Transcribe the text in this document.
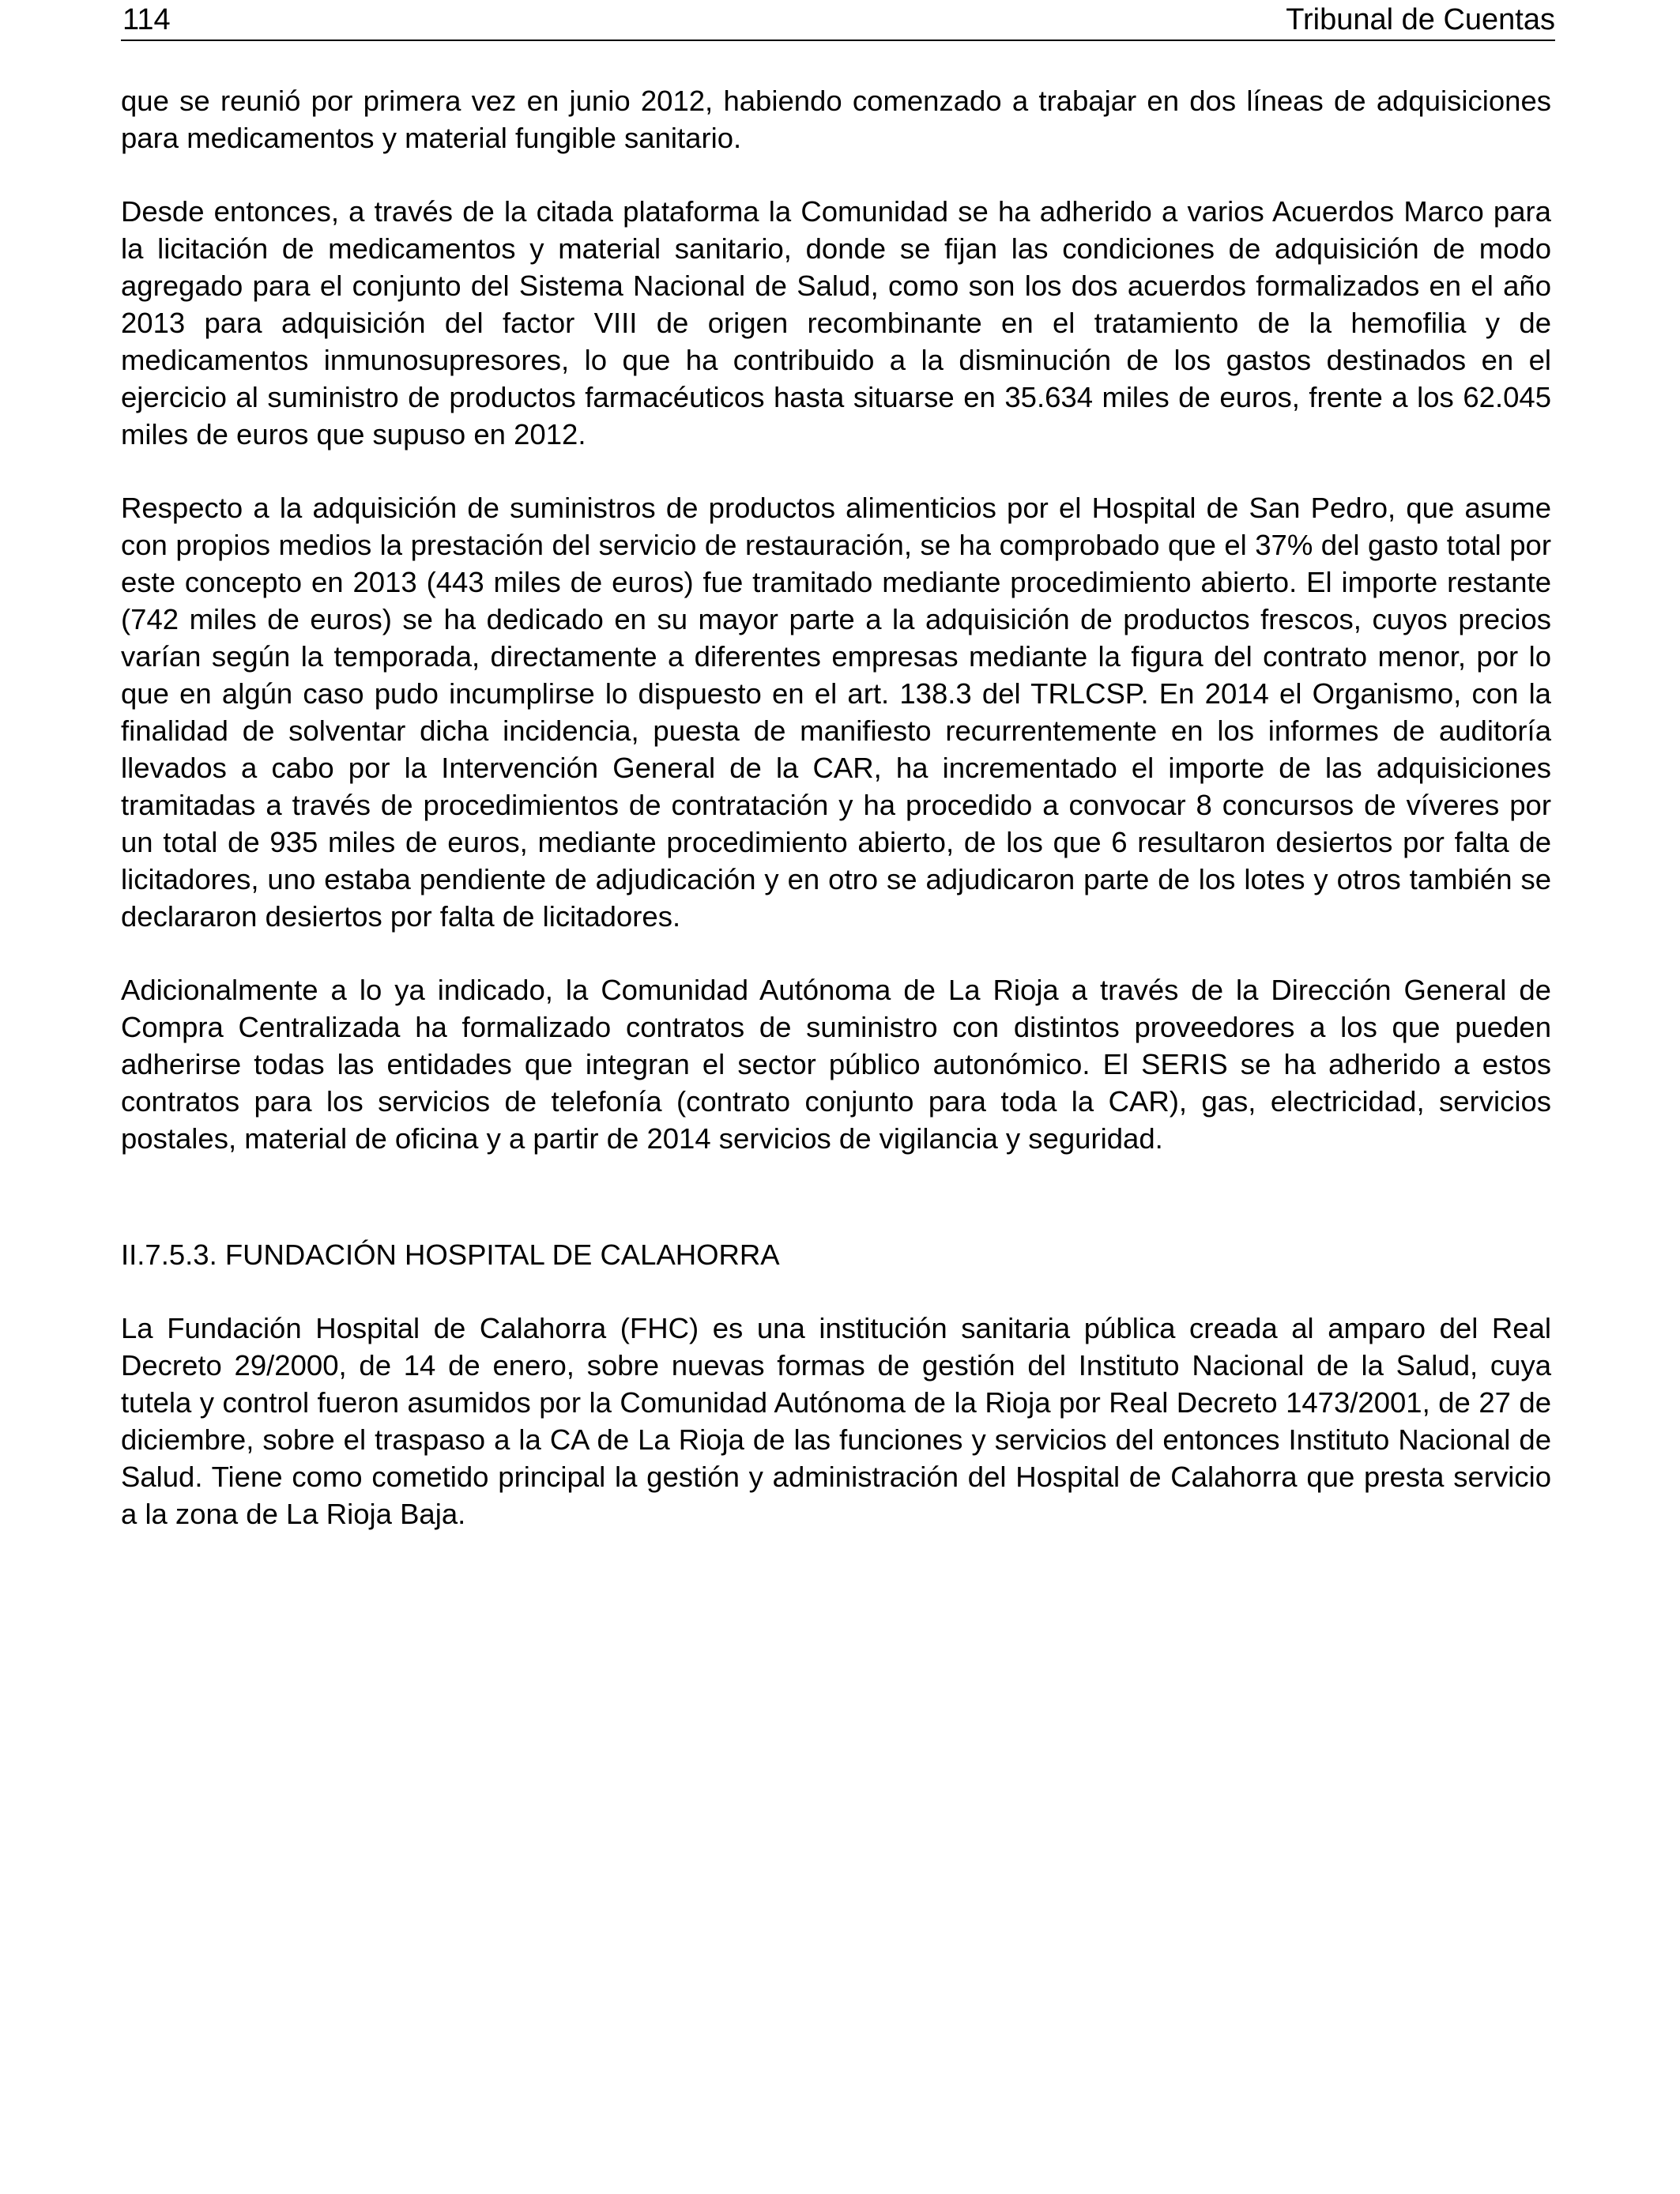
114	Tribunal de Cuentas

que se reunió por primera vez en junio 2012, habiendo comenzado a trabajar en dos líneas de adquisiciones para medicamentos y material fungible sanitario.

Desde entonces, a través de la citada plataforma la Comunidad se ha adherido a varios Acuerdos Marco para la licitación de medicamentos y material sanitario, donde se fijan las condiciones de adquisición de modo agregado para el conjunto del Sistema Nacional de Salud, como son los dos acuerdos formalizados en el año 2013 para adquisición del factor VIII de origen recombinante en el tratamiento de la hemofilia y de medicamentos inmunosupresores, lo que ha contribuido a la disminución de los gastos destinados en el ejercicio al suministro de productos farmacéuticos hasta situarse en 35.634 miles de euros, frente a los 62.045 miles de euros que supuso en 2012.

Respecto a la adquisición de suministros de productos alimenticios por el Hospital de San Pedro, que asume con propios medios la prestación del servicio de restauración, se ha comprobado que el 37% del gasto total por este concepto en 2013 (443 miles de euros) fue tramitado mediante procedimiento abierto. El importe restante (742 miles de euros) se ha dedicado en su mayor parte a la adquisición de productos frescos, cuyos precios varían según la temporada, directamente a diferentes empresas mediante la figura del contrato menor, por lo que en algún caso pudo incumplirse lo dispuesto en el art. 138.3 del TRLCSP. En 2014 el Organismo, con la finalidad de solventar dicha incidencia, puesta de manifiesto recurrentemente en los informes de auditoría llevados a cabo por la Intervención General de la CAR, ha incrementado el importe de las adquisiciones tramitadas a través de procedimientos de contratación y ha procedido a convocar 8 concursos de víveres por un total de 935 miles de euros, mediante procedimiento abierto, de los que 6 resultaron desiertos por falta de licitadores, uno estaba pendiente de adjudicación y en otro se adjudicaron parte de los lotes y otros también se declararon desiertos por falta de licitadores.

Adicionalmente a lo ya indicado, la Comunidad Autónoma de La Rioja a través de la Dirección General de Compra Centralizada ha formalizado contratos de suministro con distintos proveedores a los que pueden adherirse todas las entidades que integran el sector público autonómico. El SERIS se ha adherido a estos contratos para los servicios de telefonía (contrato conjunto para toda la CAR), gas, electricidad, servicios postales, material de oficina y a partir de 2014 servicios de vigilancia y seguridad.

II.7.5.3. FUNDACIÓN HOSPITAL DE CALAHORRA

La Fundación Hospital de Calahorra (FHC) es una institución sanitaria pública creada al amparo del Real Decreto 29/2000, de 14 de enero, sobre nuevas formas de gestión del Instituto Nacional de la Salud, cuya tutela y control fueron asumidos por la Comunidad Autónoma de la Rioja por Real Decreto 1473/2001, de 27 de diciembre, sobre el traspaso a la CA de La Rioja de las funciones y servicios del entonces Instituto Nacional de Salud. Tiene como cometido principal la gestión y administración del Hospital de Calahorra que presta servicio a la zona de La Rioja Baja.
